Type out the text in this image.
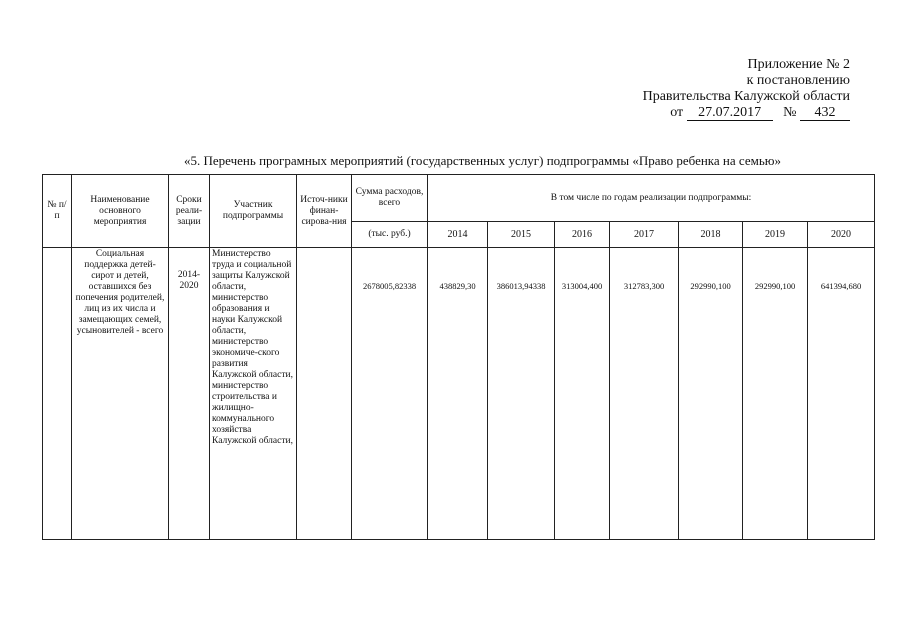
Приложение № 2
к постановлению
Правительства Калужской области
от 27.07.2017 № 432
«5. Перечень програмных мероприятий (государственных услуг) подпрограммы «Право ребенка на семью»
№ п/п	Наименование основного мероприятия	Сроки реали-зации	Участник подпрограммы	Источ-ники финан-сирова-ния	Сумма расходов, всего	В том числе по годам реализации подпрограммы:						
					(тыс. руб.)	2014	2015	2016	2017	2018	2019	2020
	Социальная поддержка детей-сирот и детей, оставшихся без попечения родителей, лиц из их числа и замещающих семей, усыновителей - всего	2014-2020	Министерство труда и социальной защиты Калужской области, министерство образования и науки Калужской области, министерство экономиче-ского развития Калужской области, министерство строительства и жилищно-коммунального хозяйства Калужской области,		2678005,82338	438829,30	386013,94338	313004,400	312783,300	292990,100	292990,100	641394,680
